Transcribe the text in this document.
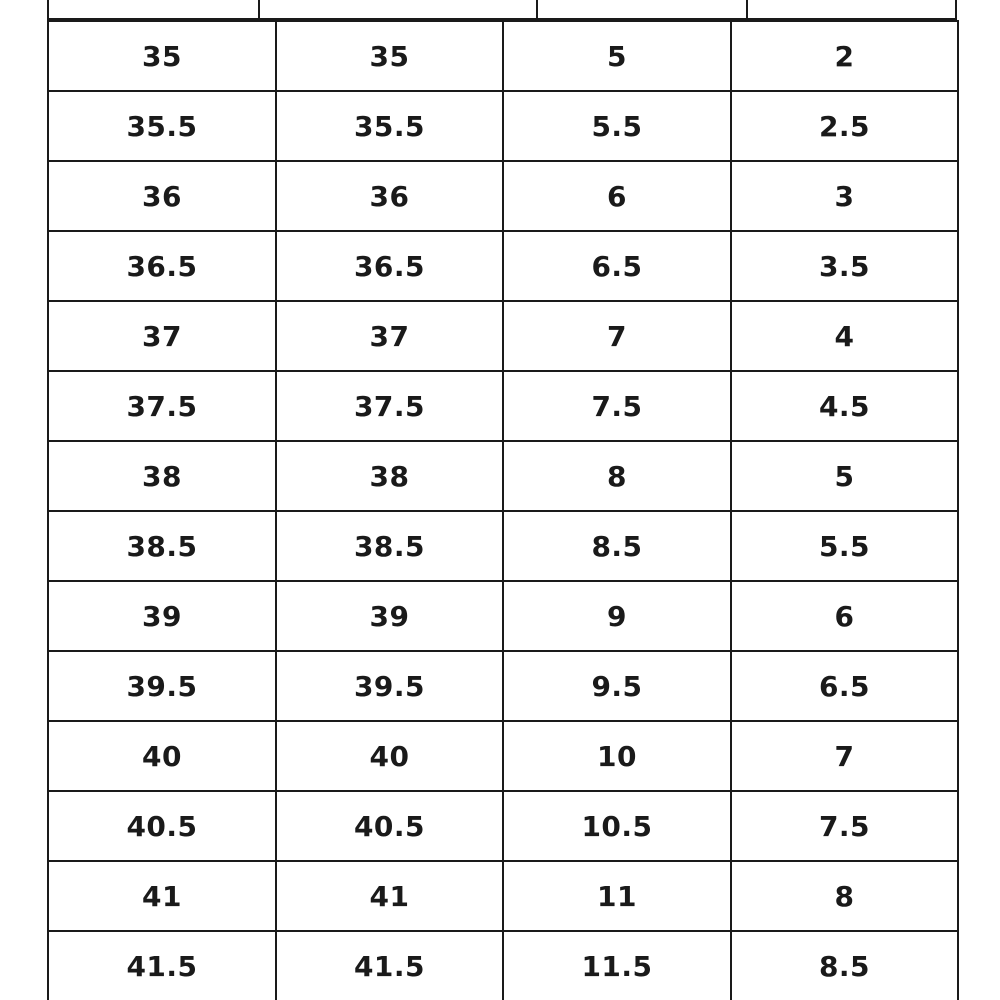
35	35	5	2
35.5	35.5	5.5	2.5
36	36	6	3
36.5	36.5	6.5	3.5
37	37	7	4
37.5	37.5	7.5	4.5
38	38	8	5
38.5	38.5	8.5	5.5
39	39	9	6
39.5	39.5	9.5	6.5
40	40	10	7
40.5	40.5	10.5	7.5
41	41	11	8
41.5	41.5	11.5	8.5
